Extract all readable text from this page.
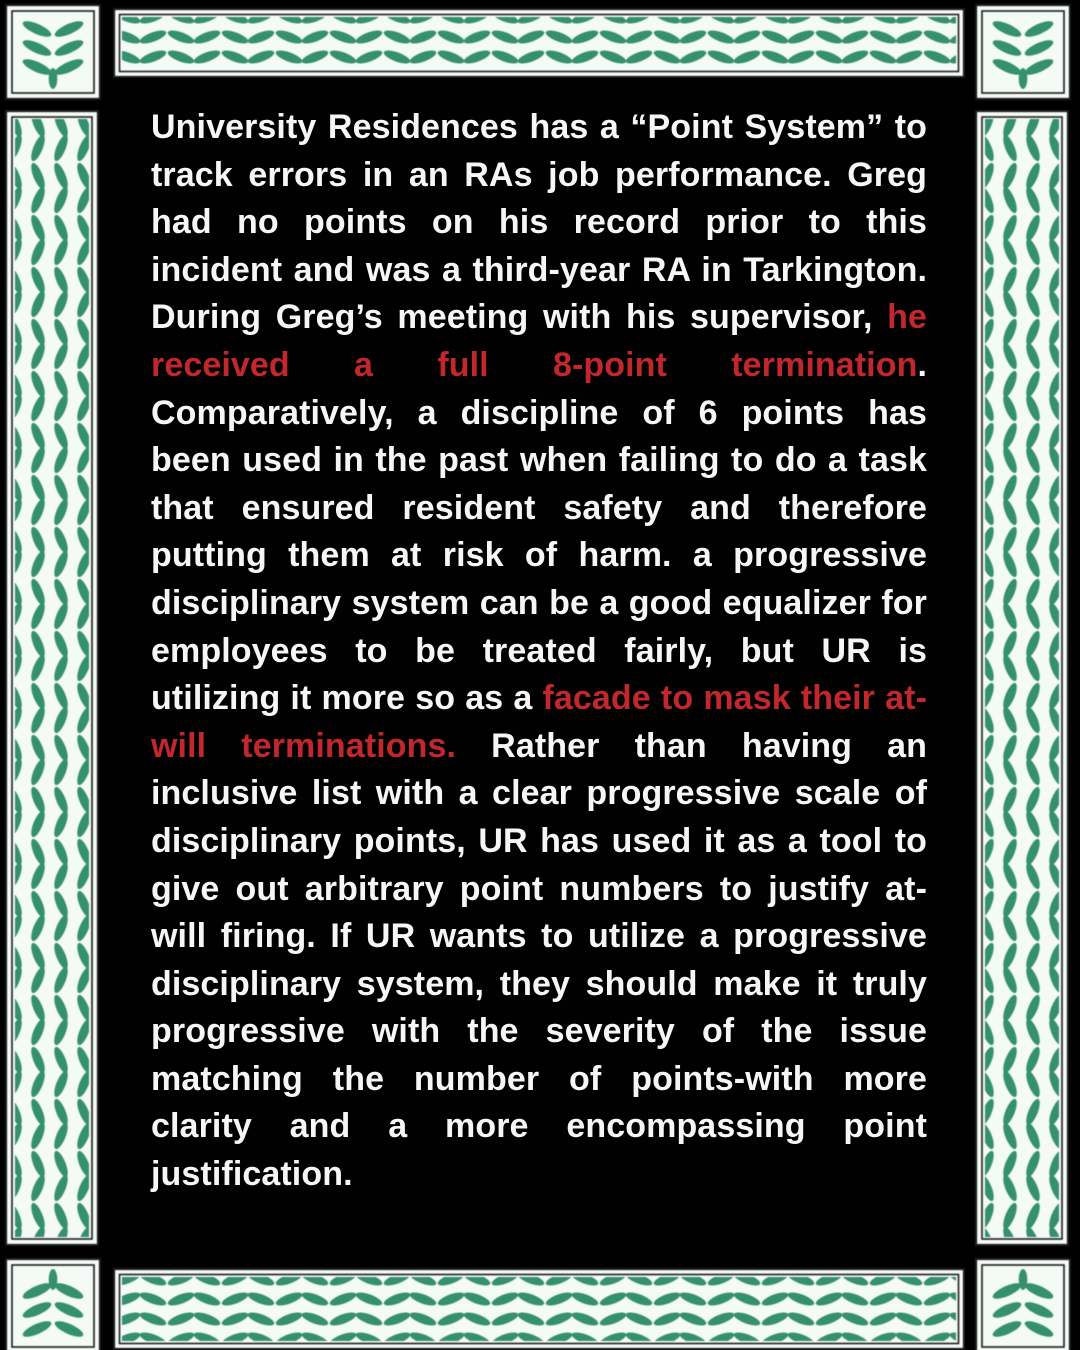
University Residences has a “Point System” to track errors in an RAs job performance. Greg had no points on his record prior to this incident and was a third-year RA in Tarkington. During Greg’s meeting with his supervisor, he received a full 8-point termination. Comparatively, a discipline of 6 points has been used in the past when failing to do a task that ensured resident safety and therefore putting them at risk of harm. a progressive disciplinary system can be a good equalizer for employees to be treated fairly, but UR is utilizing it more so as a facade to mask their at-will terminations. Rather than having an inclusive list with a clear progressive scale of disciplinary points, UR has used it as a tool to give out arbitrary point numbers to justify at-will firing. If UR wants to utilize a progressive disciplinary system, they should make it truly progressive with the severity of the issue matching the number of points-with more clarity and a more encompassing point justification.
